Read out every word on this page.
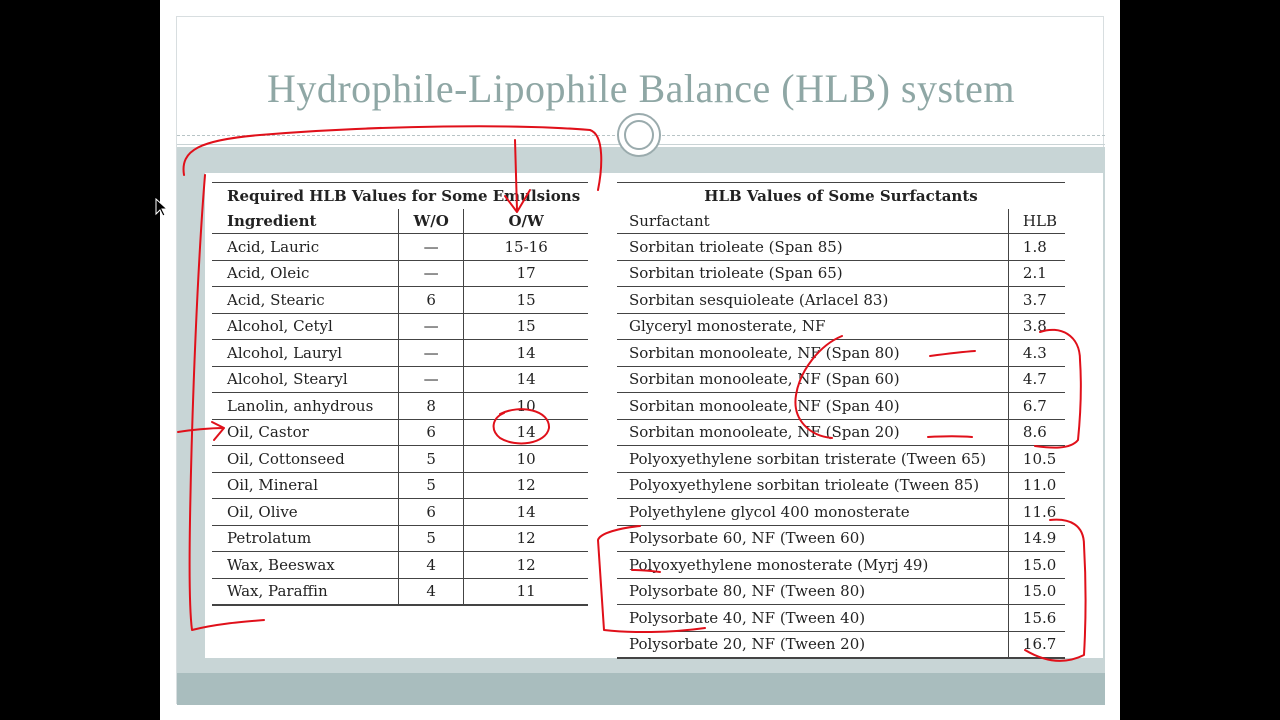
Hydrophile-Lipophile Balance (HLB) system
Required HLB Values for Some Emulsions		
Ingredient	W/O	O/W
Acid, Lauric	—	15-16
Acid, Oleic	—	17
Acid, Stearic	6	15
Alcohol, Cetyl	—	15
Alcohol, Lauryl	—	14
Alcohol, Stearyl	—	14
Lanolin, anhydrous	8	10
Oil, Castor	6	14
Oil, Cottonseed	5	10
Oil, Mineral	5	12
Oil, Olive	6	14
Petrolatum	5	12
Wax, Beeswax	4	12
Wax, Paraffin	4	11
HLB Values of Some Surfactants	
Surfactant	HLB
Sorbitan trioleate (Span 85)	1.8
Sorbitan trioleate (Span 65)	2.1
Sorbitan sesquioleate (Arlacel 83)	3.7
Glyceryl monosterate, NF	3.8
Sorbitan monooleate, NF (Span 80)	4.3
Sorbitan monooleate, NF (Span 60)	4.7
Sorbitan monooleate, NF (Span 40)	6.7
Sorbitan monooleate, NF (Span 20)	8.6
Polyoxyethylene sorbitan tristerate (Tween 65)	10.5
Polyoxyethylene sorbitan trioleate (Tween 85)	11.0
Polyethylene glycol 400 monosterate	11.6
Polysorbate 60, NF (Tween 60)	14.9
Polyoxyethylene monosterate (Myrj 49)	15.0
Polysorbate 80, NF (Tween 80)	15.0
Polysorbate 40, NF (Tween 40)	15.6
Polysorbate 20, NF (Tween 20)	16.7
